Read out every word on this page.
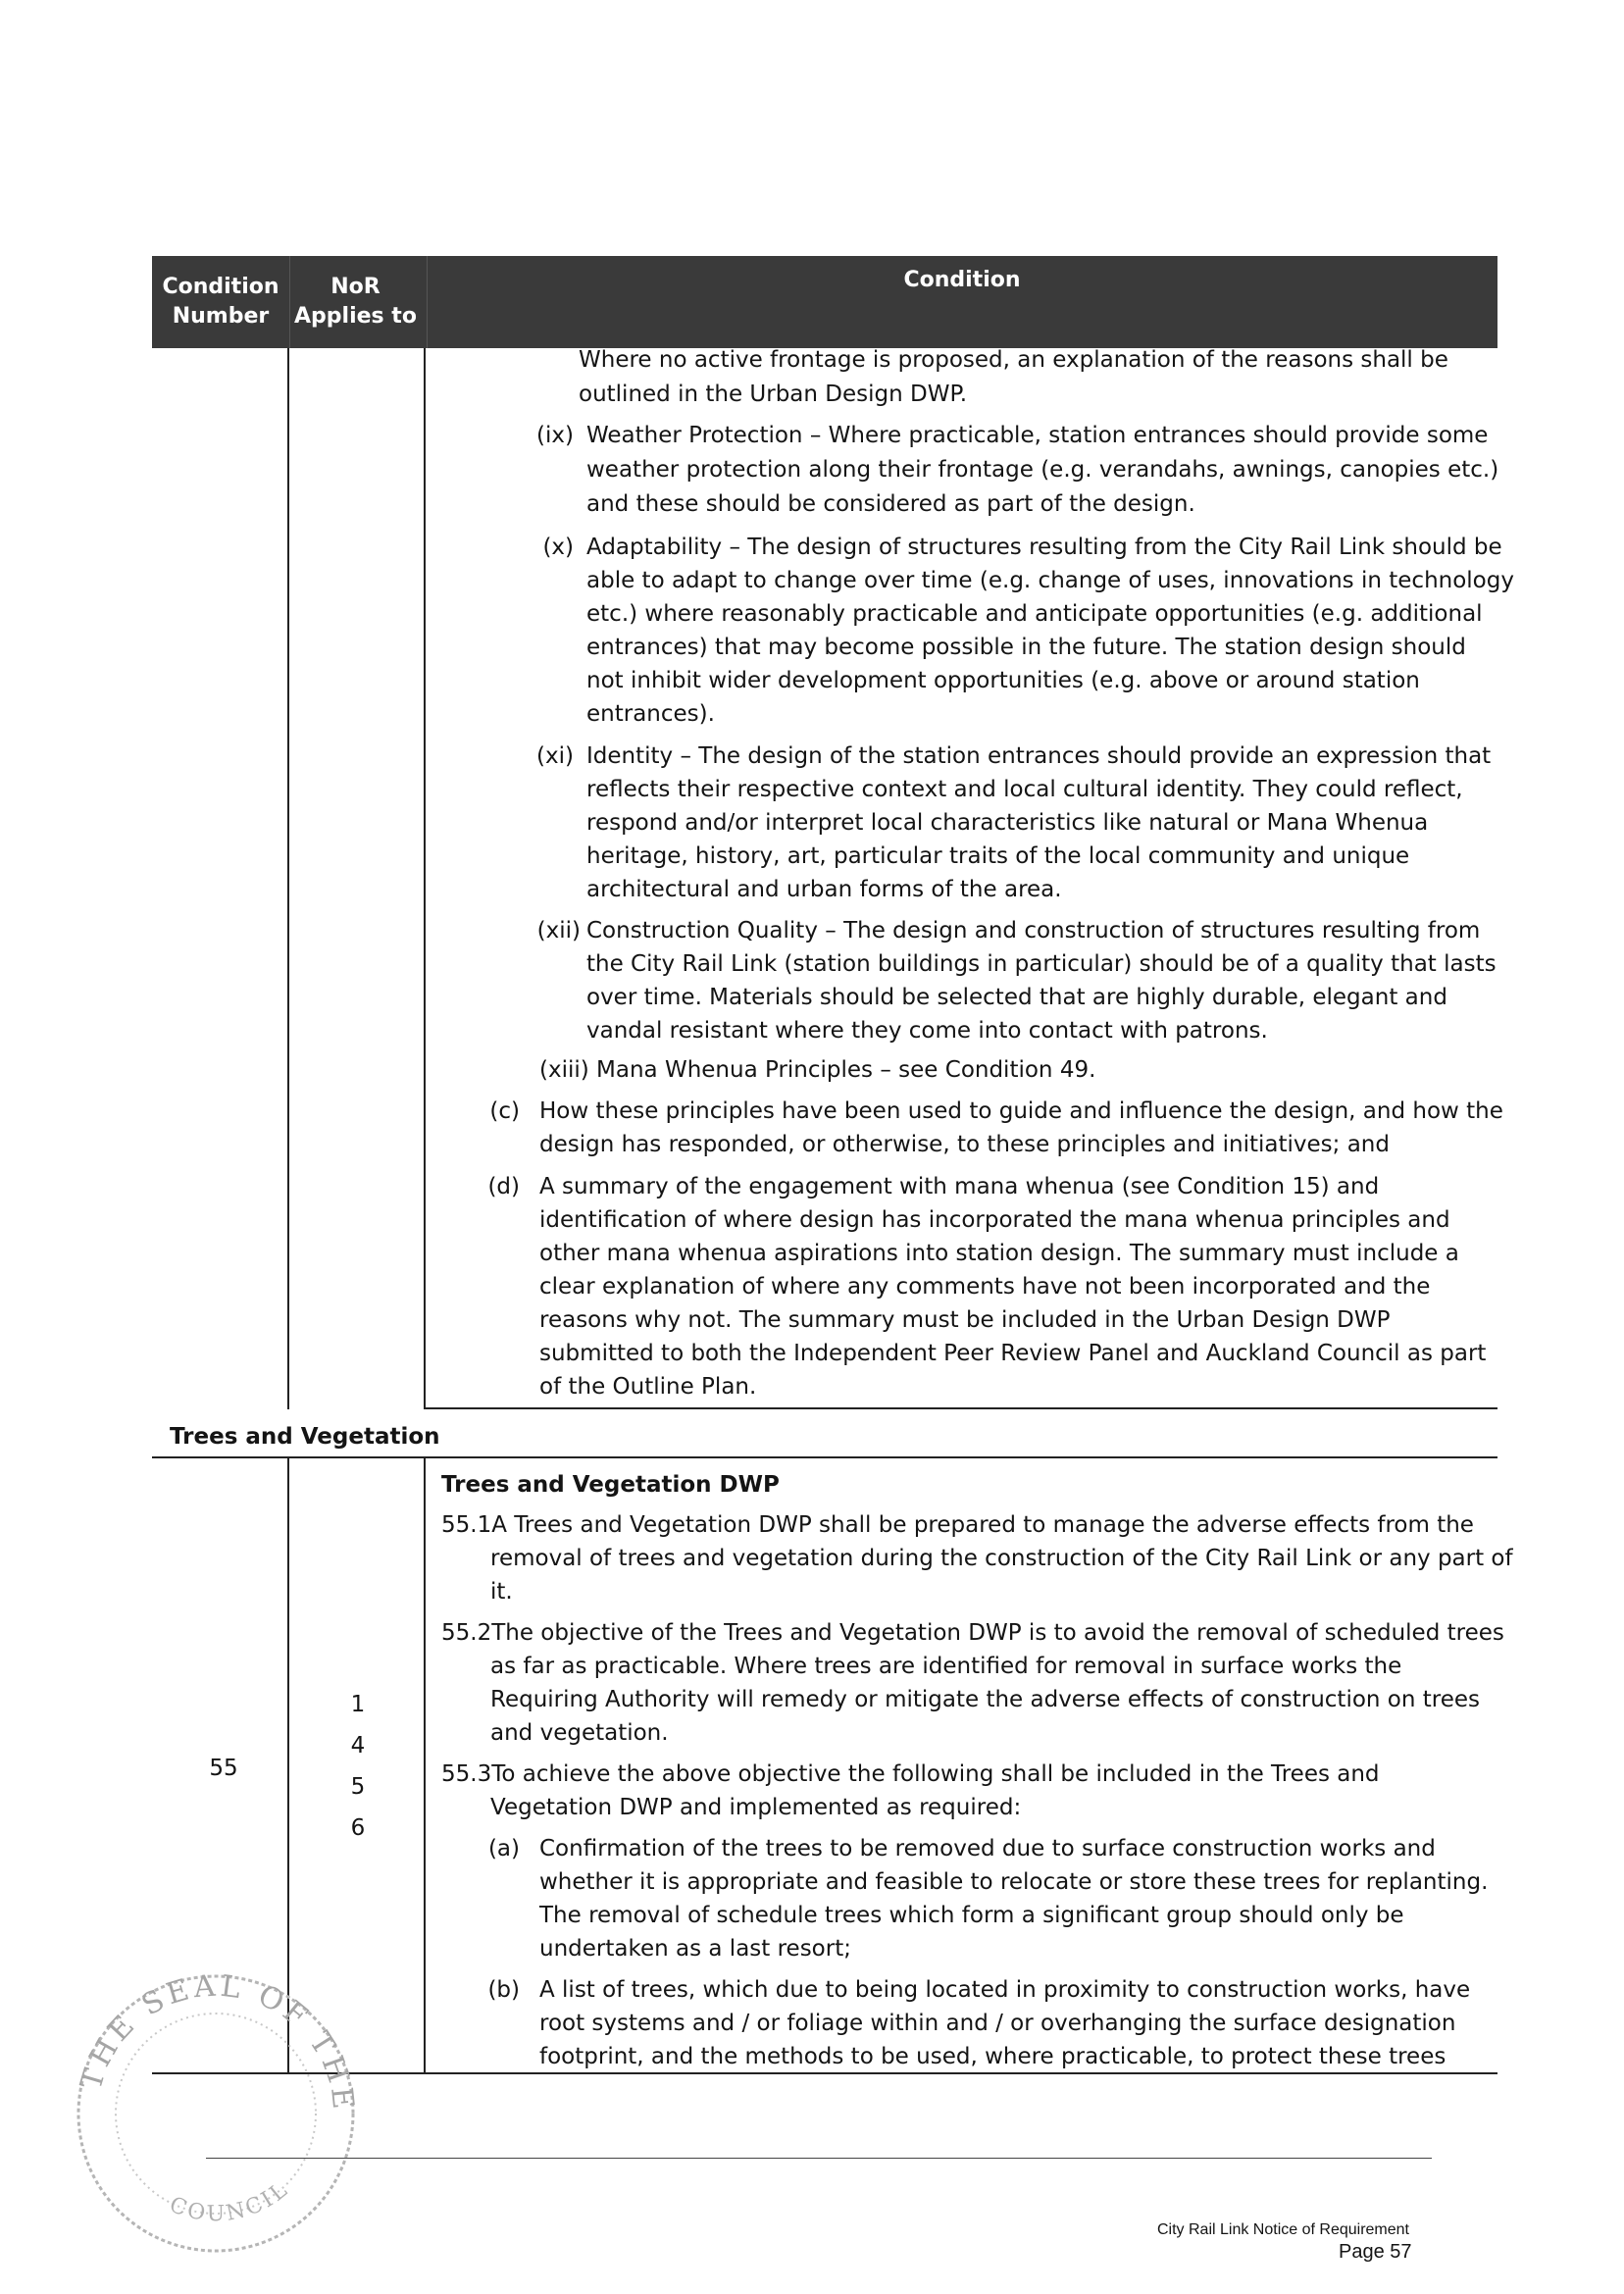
Condition
Number
NoR
Applies to
Condition
Where no active frontage is proposed, an explanation of the reasons shall be
outlined in the Urban Design DWP.
(ix) Weather Protection – Where practicable, station entrances should provide some
weather protection along their frontage (e.g. verandahs, awnings, canopies etc.)
and these should be considered as part of the design.
(x) Adaptability – The design of structures resulting from the City Rail Link should be
able to adapt to change over time (e.g. change of uses, innovations in technology
etc.) where reasonably practicable and anticipate opportunities (e.g. additional
entrances) that may become possible in the future. The station design should
not inhibit wider development opportunities (e.g. above or around station
entrances).
(xi) Identity – The design of the station entrances should provide an expression that
reflects their respective context and local cultural identity. They could reflect,
respond and/or interpret local characteristics like natural or Mana Whenua
heritage, history, art, particular traits of the local community and unique
architectural and urban forms of the area.
(xii) Construction Quality – The design and construction of structures resulting from
the City Rail Link (station buildings in particular) should be of a quality that lasts
over time. Materials should be selected that are highly durable, elegant and
vandal resistant where they come into contact with patrons.
(xiii) Mana Whenua Principles – see Condition 49.
(c) How these principles have been used to guide and influence the design, and how the
design has responded, or otherwise, to these principles and initiatives; and
(d) A summary of the engagement with mana whenua (see Condition 15) and
identification of where design has incorporated the mana whenua principles and
other mana whenua aspirations into station design. The summary must include a
clear explanation of where any comments have not been incorporated and the
reasons why not. The summary must be included in the Urban Design DWP
submitted to both the Independent Peer Review Panel and Auckland Council as part
of the Outline Plan.
Trees and Vegetation
55
1
4
5
6
Trees and Vegetation DWP
55.1A Trees and Vegetation DWP shall be prepared to manage the adverse effects from the
removal of trees and vegetation during the construction of the City Rail Link or any part of
it.
55.2The objective of the Trees and Vegetation DWP is to avoid the removal of scheduled trees
as far as practicable. Where trees are identified for removal in surface works the
Requiring Authority will remedy or mitigate the adverse effects of construction on trees
and vegetation.
55.3To achieve the above objective the following shall be included in the Trees and
Vegetation DWP and implemented as required:
(a) Confirmation of the trees to be removed due to surface construction works and
whether it is appropriate and feasible to relocate or store these trees for replanting.
The removal of schedule trees which form a significant group should only be
undertaken as a last resort;
(b) A list of trees, which due to being located in proximity to construction works, have
root systems and / or foliage within and / or overhanging the surface designation
footprint, and the methods to be used, where practicable, to protect these trees
THE SEAL OF THE
COUNCIL
City Rail Link Notice of Requirement
Page 57
